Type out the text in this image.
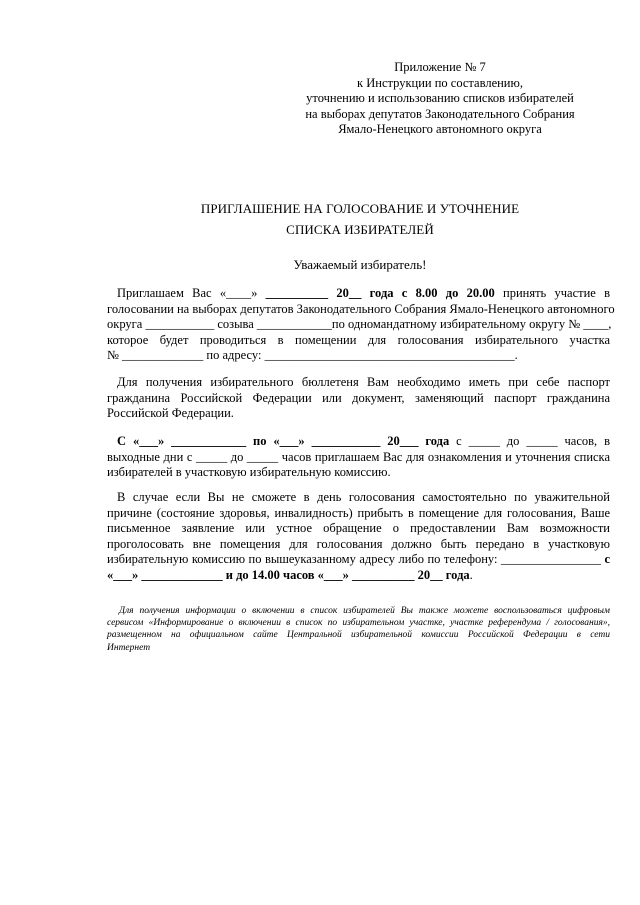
Приложение № 7
к Инструкции по составлению,
уточнению и использованию списков избирателей
на выборах депутатов Законодательного Собрания
Ямало-Ненецкого автономного округа
ПРИГЛАШЕНИЕ НА ГОЛОСОВАНИЕ И УТОЧНЕНИЕ
СПИСКА ИЗБИРАТЕЛЕЙ
Уважаемый избиратель!
Приглашаем Вас «____» __________ 20__ года с 8.00 до 20.00 принять участие в
голосовании на выборах депутатов Законодательного Собрания Ямало-Ненецкого автономного
округа ___________ созыва ____________по одномандатному избирательному округу № ____,
которое будет проводиться в помещении для голосования избирательного участка
№ _____________ по адресу: ________________________________________.
Для получения избирательного бюллетеня Вам необходимо иметь при себе паспорт
гражданина Российской Федерации или документ, заменяющий паспорт гражданина
Российской Федерации.
С «___» ____________ по «___» ___________ 20___ года с _____ до _____ часов, в
выходные дни с _____ до _____ часов приглашаем Вас для ознакомления и уточнения списка
избирателей в участковую избирательную комиссию.
В случае если Вы не сможете в день голосования самостоятельно по уважительной
причине (состояние здоровья, инвалидность) прибыть в помещение для голосования, Ваше
письменное заявление или устное обращение о предоставлении Вам возможности
проголосовать вне помещения для голосования должно быть передано в участковую
избирательную комиссию по вышеуказанному адресу либо по телефону: ________________ с
«___» _____________ и до 14.00 часов «___» __________ 20__ года.
Для получения информации о включении в список избирателей Вы также можете воспользоваться цифровым
сервисом «Информирование о включении в список по избирательном участке, участке референдума / голосования»,
размещенном на официальном сайте Центральной избирательной комиссии Российской Федерации в сети
Интернет
